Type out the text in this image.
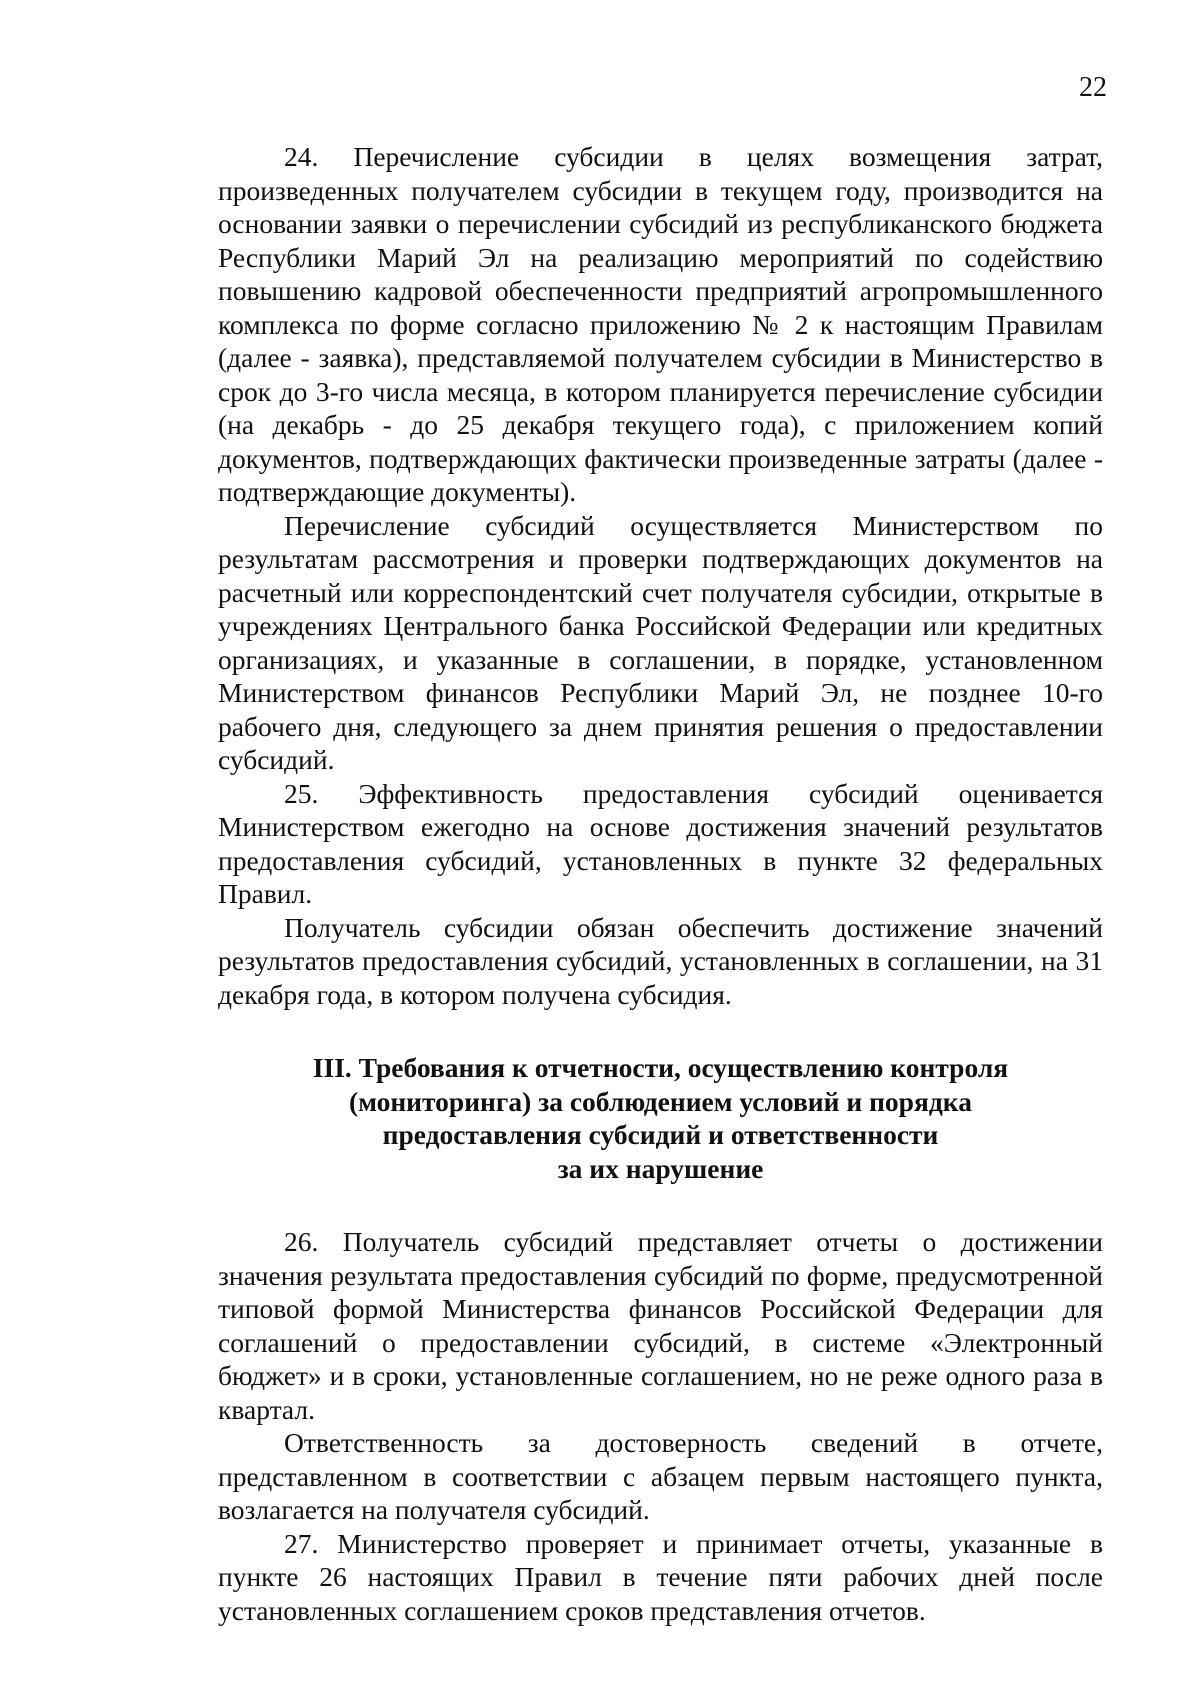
22

24. Перечисление субсидии в целях возмещения затрат, произведенных получателем субсидии в текущем году, производится на основании заявки о перечислении субсидий из республиканского бюджета Республики Марий Эл на реализацию мероприятий по содействию повышению кадровой обеспеченности предприятий агропромышленного комплекса по форме согласно приложению № 2 к настоящим Правилам (далее - заявка), представляемой получателем субсидии в Министерство в срок до 3-го числа месяца, в котором планируется перечисление субсидии (на декабрь - до 25 декабря текущего года), с приложением копий документов, подтверждающих фактически произведенные затраты (далее - подтверждающие документы).

Перечисление субсидий осуществляется Министерством по результатам рассмотрения и проверки подтверждающих документов на расчетный или корреспондентский счет получателя субсидии, открытые в учреждениях Центрального банка Российской Федерации или кредитных организациях, и указанные в соглашении, в порядке, установленном Министерством финансов Республики Марий Эл, не позднее 10-го рабочего дня, следующего за днем принятия решения о предоставлении субсидий.

25. Эффективность предоставления субсидий оценивается Министерством ежегодно на основе достижения значений результатов предоставления субсидий, установленных в пункте 32 федеральных Правил.

Получатель субсидии обязан обеспечить достижение значений результатов предоставления субсидий, установленных в соглашении, на 31 декабря года, в котором получена субсидия.

III. Требования к отчетности, осуществлению контроля
(мониторинга) за соблюдением условий и порядка
предоставления субсидий и ответственности
за их нарушение

26. Получатель субсидий представляет отчеты о достижении значения результата предоставления субсидий по форме, предусмотренной типовой формой Министерства финансов Российской Федерации для соглашений о предоставлении субсидий, в системе «Электронный бюджет» и в сроки, установленные соглашением, но не реже одного раза в квартал.

Ответственность за достоверность сведений в отчете, представленном в соответствии с абзацем первым настоящего пункта, возлагается на получателя субсидий.

27. Министерство проверяет и принимает отчеты, указанные в пункте 26 настоящих Правил в течение пяти рабочих дней после установленных соглашением сроков представления отчетов.
